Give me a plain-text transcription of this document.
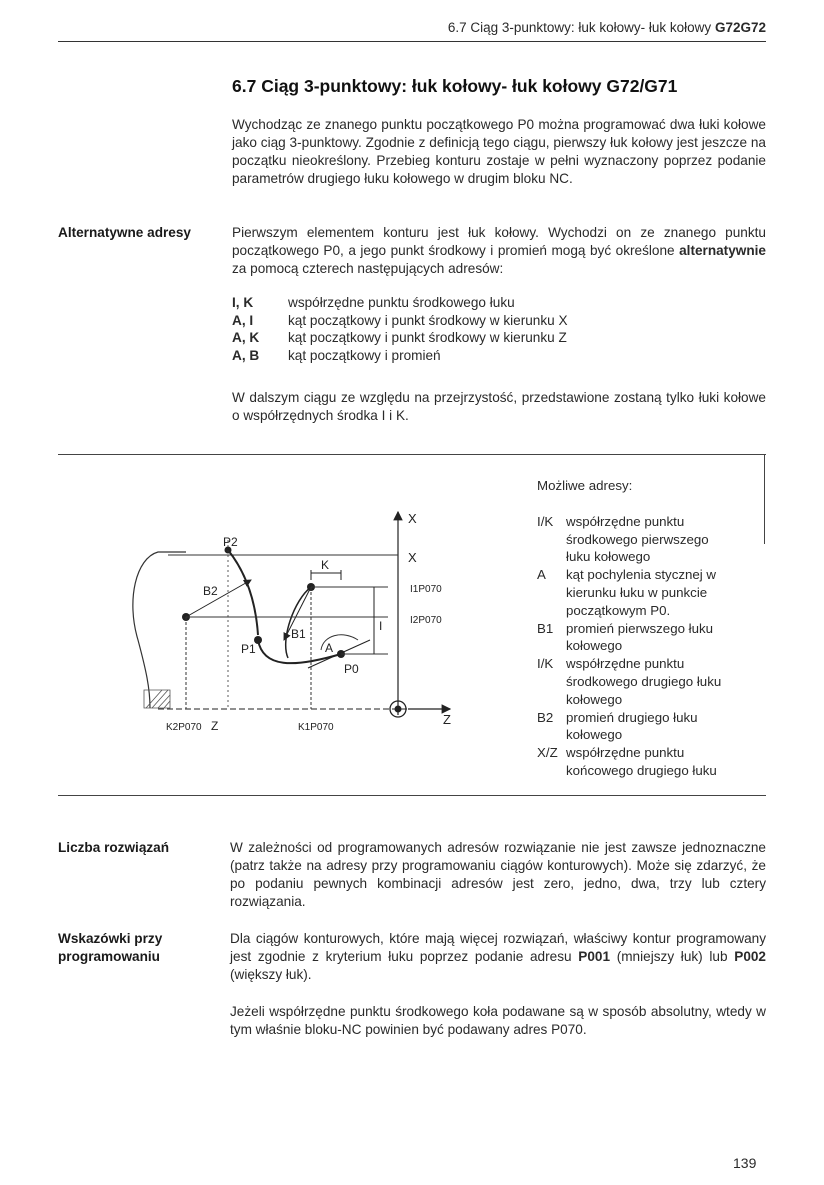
6.7 Ciąg 3-punktowy: łuk kołowy- łuk kołowy G72G72
6.7 Ciąg 3-punktowy: łuk kołowy- łuk kołowy G72/G71
Wychodząc ze znanego punktu początkowego P0 można programować dwa łuki kołowe jako ciąg 3-punktowy. Zgodnie z definicją tego ciągu, pierwszy łuk kołowy jest jeszcze na początku nieokreślony. Przebieg konturu zostaje w pełni wyznaczony poprzez podanie parametrów drugiego łuku kołowego w drugim bloku NC.
Alternatywne adresy	Pierwszym elementem konturu jest łuk kołowy. Wychodzi on ze znanego punktu początkowego P0, a jego punkt środkowy i promień mogą być określone alternatywnie za pomocą czterech następujących adresów:
I, K	współrzędne punktu środkowego łuku
A, I	kąt początkowy i punkt środkowy w kierunku X
A, K kąt początkowy i punkt środkowy w kierunku Z
A, B kąt początkowy i promień
W dalszym ciągu ze względu na przejrzystość, przedstawione zostaną tylko łuki kołowe o współrzędnych środka I i K.
X
Z
X
K
I
P2
B2	I1P070
I2P070
B1
P1	A
P0
K2P070 Z	K1P070
Możliwe adresy:
I/K współrzędne punktu
środkowego pierwszego
łuku kołowego
A kąt pochylenia stycznej w
kierunku łuku w punkcie
początkowym P0.
B1 promień pierwszego łuku
kołowego
I/K współrzędne punktu
środkowego drugiego łuku
kołowego
B2 promień drugiego łuku
kołowego
X/Z współrzędne punktu
końcowego drugiego łuku
Liczba rozwiązań	W zależności od programowanych adresów rozwiązanie nie jest zawsze jednoznaczne (patrz także na adresy przy programowaniu ciągów konturowych). Może się zdarzyć, że po podaniu pewnych kombinacji adresów jest zero, jedno, dwa, trzy lub cztery rozwiązania.
Wskazówki przy
programowaniu
Dla ciągów konturowych, które mają więcej rozwiązań, właściwy kontur programowany jest zgodnie z kryterium łuku poprzez podanie adresu P001 (mniejszy łuk) lub P002 (większy łuk).
Jeżeli współrzędne punktu środkowego koła podawane są w sposób absolutny, wtedy w tym właśnie bloku-NC powinien być podawany adres P070.
139
